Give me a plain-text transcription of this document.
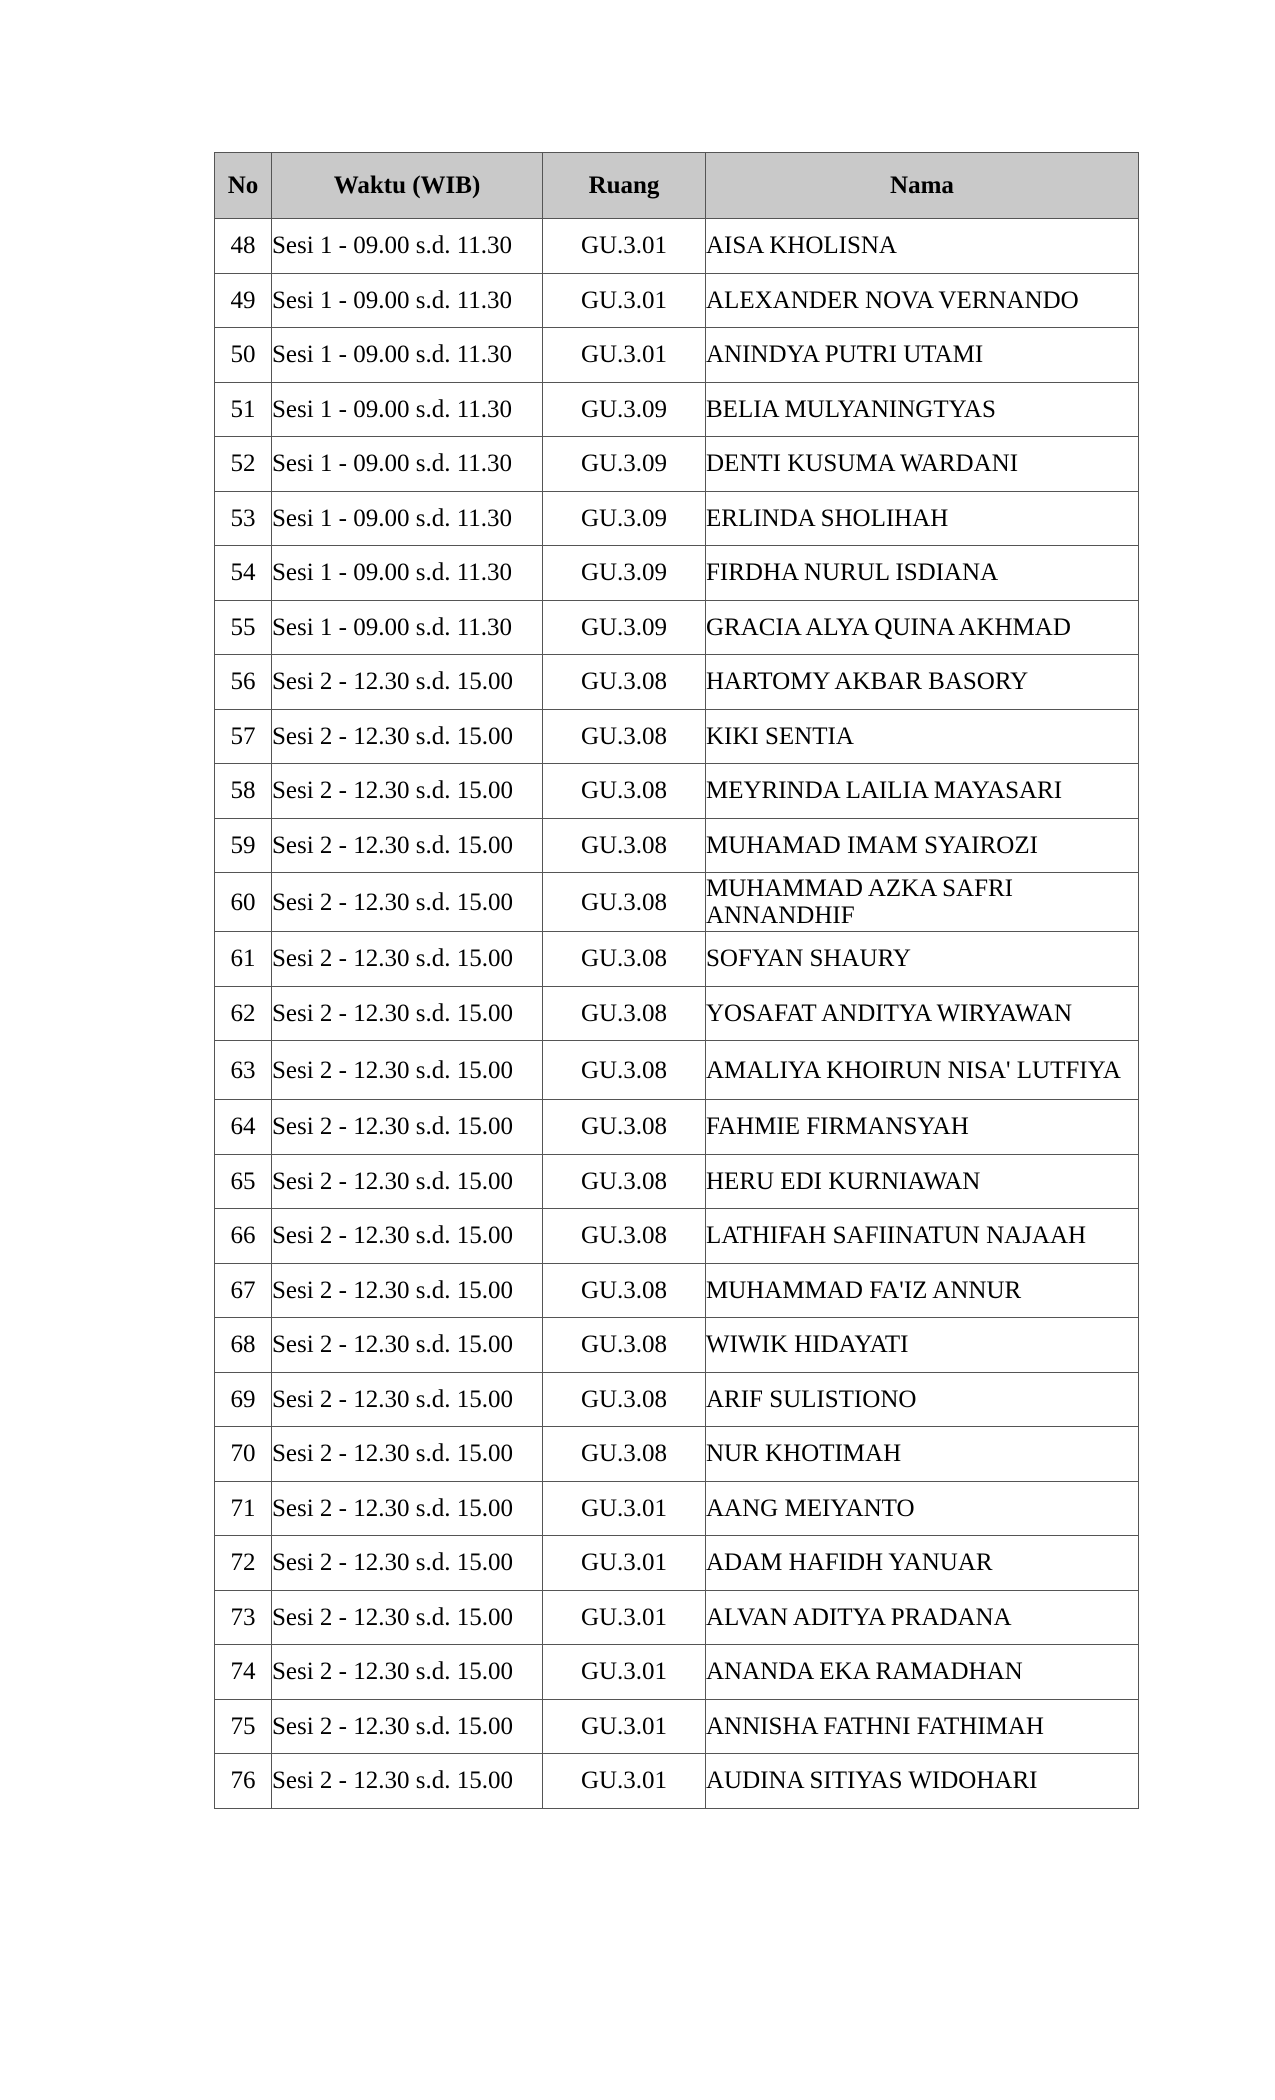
No	Waktu (WIB)	Ruang	Nama
48	Sesi 1 - 09.00 s.d. 11.30	GU.3.01	AISA KHOLISNA
49	Sesi 1 - 09.00 s.d. 11.30	GU.3.01	ALEXANDER NOVA VERNANDO
50	Sesi 1 - 09.00 s.d. 11.30	GU.3.01	ANINDYA PUTRI UTAMI
51	Sesi 1 - 09.00 s.d. 11.30	GU.3.09	BELIA MULYANINGTYAS
52	Sesi 1 - 09.00 s.d. 11.30	GU.3.09	DENTI KUSUMA WARDANI
53	Sesi 1 - 09.00 s.d. 11.30	GU.3.09	ERLINDA SHOLIHAH
54	Sesi 1 - 09.00 s.d. 11.30	GU.3.09	FIRDHA NURUL ISDIANA
55	Sesi 1 - 09.00 s.d. 11.30	GU.3.09	GRACIA ALYA QUINA AKHMAD
56	Sesi 2 - 12.30 s.d. 15.00	GU.3.08	HARTOMY AKBAR BASORY
57	Sesi 2 - 12.30 s.d. 15.00	GU.3.08	KIKI SENTIA
58	Sesi 2 - 12.30 s.d. 15.00	GU.3.08	MEYRINDA LAILIA MAYASARI
59	Sesi 2 - 12.30 s.d. 15.00	GU.3.08	MUHAMAD IMAM SYAIROZI
60	Sesi 2 - 12.30 s.d. 15.00	GU.3.08	MUHAMMAD AZKA SAFRI ANNANDHIF
61	Sesi 2 - 12.30 s.d. 15.00	GU.3.08	SOFYAN SHAURY
62	Sesi 2 - 12.30 s.d. 15.00	GU.3.08	YOSAFAT ANDITYA WIRYAWAN
63	Sesi 2 - 12.30 s.d. 15.00	GU.3.08	AMALIYA KHOIRUN NISA' LUTFIYA
64	Sesi 2 - 12.30 s.d. 15.00	GU.3.08	FAHMIE FIRMANSYAH
65	Sesi 2 - 12.30 s.d. 15.00	GU.3.08	HERU EDI KURNIAWAN
66	Sesi 2 - 12.30 s.d. 15.00	GU.3.08	LATHIFAH SAFIINATUN NAJAAH
67	Sesi 2 - 12.30 s.d. 15.00	GU.3.08	MUHAMMAD FA'IZ ANNUR
68	Sesi 2 - 12.30 s.d. 15.00	GU.3.08	WIWIK HIDAYATI
69	Sesi 2 - 12.30 s.d. 15.00	GU.3.08	ARIF SULISTIONO
70	Sesi 2 - 12.30 s.d. 15.00	GU.3.08	NUR KHOTIMAH
71	Sesi 2 - 12.30 s.d. 15.00	GU.3.01	AANG MEIYANTO
72	Sesi 2 - 12.30 s.d. 15.00	GU.3.01	ADAM HAFIDH YANUAR
73	Sesi 2 - 12.30 s.d. 15.00	GU.3.01	ALVAN ADITYA PRADANA
74	Sesi 2 - 12.30 s.d. 15.00	GU.3.01	ANANDA EKA RAMADHAN
75	Sesi 2 - 12.30 s.d. 15.00	GU.3.01	ANNISHA FATHNI FATHIMAH
76	Sesi 2 - 12.30 s.d. 15.00	GU.3.01	AUDINA SITIYAS WIDOHARI
